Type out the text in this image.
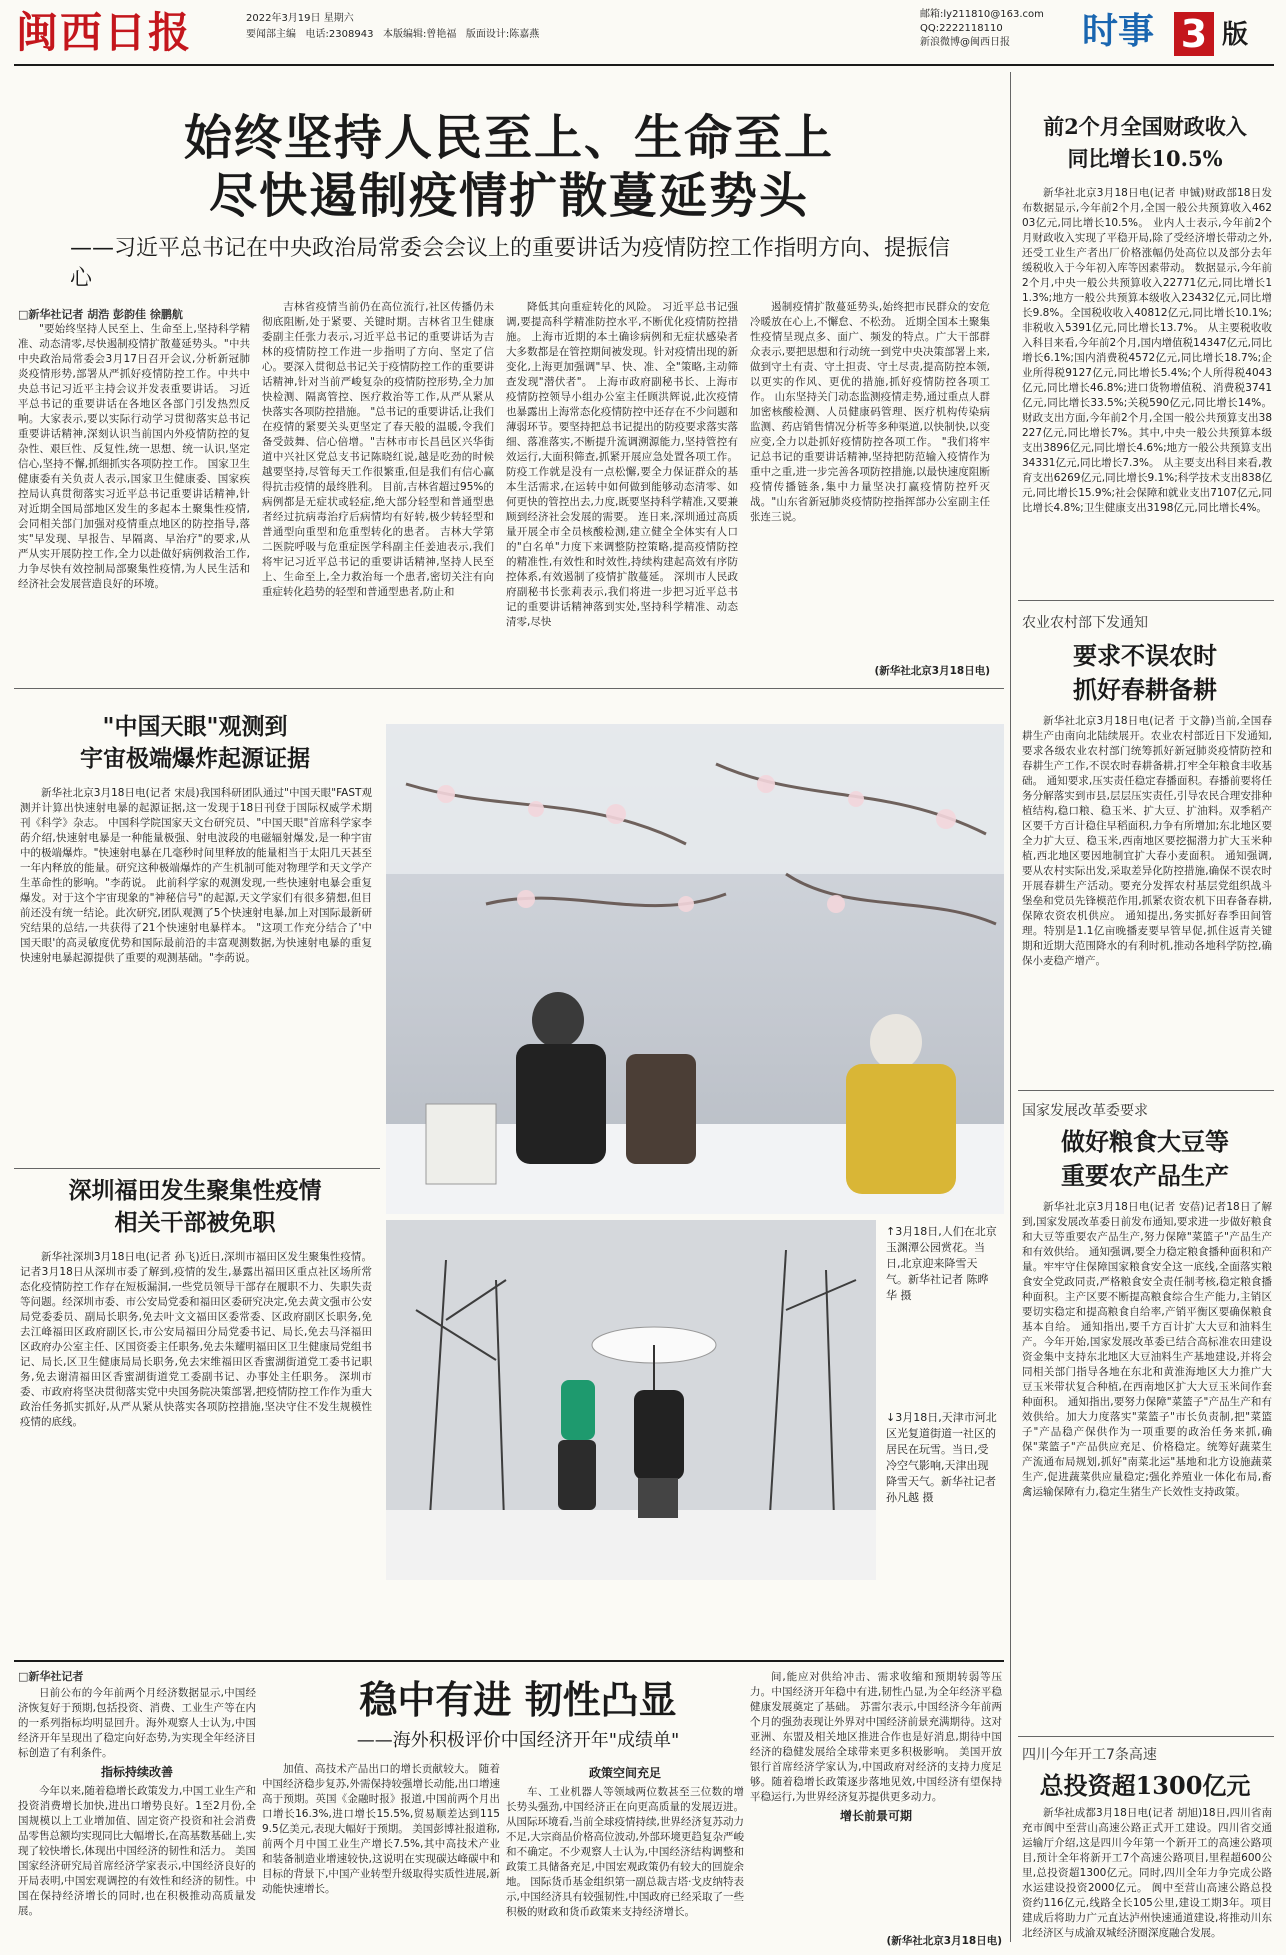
闽西日报	2022年3月19日 星期六
要闻部主编 电话:2308943 本版编辑:曾艳福 版面设计:陈嘉燕
邮箱:ly211810@163.com
QQ:2222118110
新浪微博@闽西日报	时事 3 版
始终坚持人民至上、生命至上
尽快遏制疫情扩散蔓延势头
——习近平总书记在中央政治局常委会会议上的重要讲话为疫情防控工作指明方向、提振信心
□新华社记者 胡浩 彭韵佳 徐鹏航

"要始终坚持人民至上、生命至上,坚持科学精准、动态清零,尽快遏制疫情扩散蔓延势头。"中共中央政治局常委会3月17日召开会议,分析新冠肺炎疫情形势,部署从严抓好疫情防控工作。中共中央总书记习近平主持会议并发表重要讲话。 习近平总书记的重要讲话在各地区各部门引发热烈反响。大家表示,要以实际行动学习贯彻落实总书记重要讲话精神,深刻认识当前国内外疫情防控的复杂性、艰巨性、反复性,统一思想、统一认识,坚定信心,坚持不懈,抓细抓实各项防控工作。 国家卫生健康委有关负责人表示,国家卫生健康委、国家疾控局认真贯彻落实习近平总书记重要讲话精神,针对近期全国局部地区发生的多起本土聚集性疫情,会同相关部门加强对疫情重点地区的防控指导,落实"早发现、早报告、早隔离、早治疗"的要求,从严从实开展防控工作,全力以赴做好病例救治工作,力争尽快有效控制局部聚集性疫情,为人民生活和经济社会发展营造良好的环境。

吉林省疫情当前仍在高位流行,社区传播仍未彻底阻断,处于紧要、关键时期。吉林省卫生健康委副主任张力表示,习近平总书记的重要讲话为吉林的疫情防控工作进一步指明了方向、坚定了信心。要深入贯彻总书记关于疫情防控工作的重要讲话精神,针对当前严峻复杂的疫情防控形势,全力加快检测、隔离管控、医疗救治等工作,从严从紧从快落实各项防控措施。 "总书记的重要讲话,让我们在疫情的紧要关头更坚定了春天般的温暖,令我们备受鼓舞、信心倍增。"吉林市市长昌邑区兴华街道中兴社区党总支书记陈晓红说,越是吃劲的时候越要坚持,尽管每天工作很繁重,但是我们有信心赢得抗击疫情的最终胜利。 目前,吉林省超过95%的病例都是无症状或轻症,绝大部分轻型和普通型患者经过抗病毒治疗后病情均有好转,极少转轻型和普通型向重型和危重型转化的患者。 吉林大学第二医院呼吸与危重症医学科副主任姜迪表示,我们将牢记习近平总书记的重要讲话精神,坚持人民至上、生命至上,全力救治每一个患者,密切关注有向重症转化趋势的轻型和普通型患者,防止和

降低其向重症转化的风险。 习近平总书记强调,要提高科学精准防控水平,不断优化疫情防控措施。 上海市近期的本土确诊病例和无症状感染者大多数都是在管控期间被发现。针对疫情出现的新变化,上海更加强调"早、快、准、全"策略,主动筛查发现"潜伏者"。 上海市政府副秘书长、上海市疫情防控领导小组办公室主任顾洪辉说,此次疫情也暴露出上海常态化疫情防控中还存在不少问题和薄弱环节。要坚持把总书记提出的防疫要求落实落细、落准落实,不断提升流调溯源能力,坚持管控有效运行,大面积筛查,抓紧开展应急处置各项工作。 防疫工作就是没有一点松懈,要全力保证群众的基本生活需求,在运转中如何做到能够动态清零、如何更快的管控出去,力度,既要坚持科学精准,又要兼顾到经济社会发展的需要。 连日来,深圳通过高质量开展全市全员核酸检测,建立健全全体实有人口的"白名单"力度下来调整防控策略,提高疫情防控的精准性,有效性和时效性,持续构建起高效有序防控体系,有效遏制了疫情扩散蔓延。 深圳市人民政府副秘书长张莉表示,我们将进一步把习近平总书记的重要讲话精神落到实处,坚持科学精准、动态清零,尽快

遏制疫情扩散蔓延势头,始终把市民群众的安危冷暖放在心上,不懈怠、不松劲。 近期全国本土聚集性疫情呈现点多、面广、频发的特点。广大干部群众表示,要把思想和行动统一到党中央决策部署上来,做到守土有责、守土担责、守土尽责,提高防控本领,以更实的作风、更优的措施,抓好疫情防控各项工作。 山东坚持关门动态监测疫情走势,通过重点人群加密核酸检测、人员健康码管理、医疗机构传染病监测、药店销售情况分析等多种渠道,以快制快,以变应变,全力以赴抓好疫情防控各项工作。 "我们将牢记总书记的重要讲话精神,坚持把防范输入疫情作为重中之重,进一步完善各项防控措施,以最快速度阻断疫情传播链条,集中力量坚决打赢疫情防控歼灭战。"山东省新冠肺炎疫情防控指挥部办公室副主任张连三说。

(新华社北京3月18日电)
前2个月全国财政收入
同比增长10.5%

新华社北京3月18日电(记者 申铖)财政部18日发布数据显示,今年前2个月,全国一般公共预算收入46203亿元,同比增长10.5%。 业内人士表示,今年前2个月财政收入实现了平稳开局,除了受经济增长带动之外,还受工业生产者出厂价格涨幅仍处高位以及部分去年缓税收入于今年初入库等因素带动。 数据显示,今年前2个月,中央一般公共预算收入22771亿元,同比增长11.3%;地方一般公共预算本级收入23432亿元,同比增长9.8%。全国税收收入40812亿元,同比增长10.1%;非税收入5391亿元,同比增长13.7%。 从主要税收收入科目来看,今年前2个月,国内增值税14347亿元,同比增长6.1%;国内消费税4572亿元,同比增长18.7%;企业所得税9127亿元,同比增长5.4%;个人所得税4043亿元,同比增长46.8%;进口货物增值税、消费税3741亿元,同比增长33.5%;关税590亿元,同比增长14%。 财政支出方面,今年前2个月,全国一般公共预算支出38227亿元,同比增长7%。其中,中央一般公共预算本级支出3896亿元,同比增长4.6%;地方一般公共预算支出34331亿元,同比增长7.3%。 从主要支出科目来看,教育支出6269亿元,同比增长9.1%;科学技术支出838亿元,同比增长15.9%;社会保障和就业支出7107亿元,同比增长4.8%;卫生健康支出3198亿元,同比增长4%。

农业农村部下发通知
要求不误农时
抓好春耕备耕

新华社北京3月18日电(记者 于文静)当前,全国春耕生产由南向北陆续展开。农业农村部近日下发通知,要求各级农业农村部门统筹抓好新冠肺炎疫情防控和春耕生产工作,不误农时春耕备耕,打牢全年粮食丰收基础。 通知要求,压实责任稳定春播面积。春播前要将任务分解落实到市县,层层压实责任,引导农民合理安排种植结构,稳口粮、稳玉米、扩大豆、扩油料。双季稻产区要千方百计稳住早稻面积,力争有所增加;东北地区要全力扩大豆、稳玉米,西南地区要挖掘潜力扩大玉米种植,西北地区要因地制宜扩大春小麦面积。 通知强调,要从农村实际出发,采取差异化防控措施,确保不误农时开展春耕生产活动。要充分发挥农村基层党组织战斗堡垒和党员先锋模范作用,抓紧农资农机下田春备春耕,保障农资农机供应。 通知提出,务实抓好春季田间管理。特别是1.1亿亩晚播麦要早管早促,抓住返青关键期和近期大范围降水的有利时机,推动各地科学防控,确保小麦稳产增产。

国家发展改革委要求
做好粮食大豆等
重要农产品生产

新华社北京3月18日电(记者 安蓓)记者18日了解到,国家发展改革委日前发布通知,要求进一步做好粮食和大豆等重要农产品生产,努力保障"菜篮子"产品生产和有效供给。 通知强调,要全力稳定粮食播种面积和产量。牢牢守住保障国家粮食安全这一底线,全面落实粮食安全党政同责,严格粮食安全责任制考核,稳定粮食播种面积。主产区要不断提高粮食综合生产能力,主销区要切实稳定和提高粮食自给率,产销平衡区要确保粮食基本自给。 通知指出,要千方百计扩大大豆和油料生产。今年开始,国家发展改革委已结合高标准农田建设资金集中支持东北地区大豆油料生产基地建设,并将会同相关部门指导各地在东北和黄淮海地区大力推广大豆玉米带状复合种植,在西南地区扩大大豆玉米间作套种面积。 通知指出,要努力保障"菜篮子"产品生产和有效供给。加大力度落实"菜篮子"市长负责制,把"菜篮子"产品稳产保供作为一项重要的政治任务来抓,确保"菜篮子"产品供应充足、价格稳定。统筹好蔬菜生产流通布局规划,抓好"南菜北运"基地和北方设施蔬菜生产,促进蔬菜供应量稳定;强化养殖业一体化布局,畜禽运输保障有力,稳定生猪生产长效性支持政策。

四川今年开工7条高速
总投资超1300亿元

新华社成都3月18日电(记者 胡旭)18日,四川省南充市阆中至营山高速公路正式开工建设。四川省交通运输厅介绍,这是四川今年第一个新开工的高速公路项目,预计全年将新开工7个高速公路项目,里程超600公里,总投资超1300亿元。同时,四川全年力争完成公路水运建设投资2000亿元。 阆中至营山高速公路总投资约116亿元,线路全长105公里,建设工期3年。项目建成后将助力广元直达泸州快速通道建设,将推动川东北经济区与成渝双城经济圈深度融合发展。

"中国天眼"观测到
宇宙极端爆炸起源证据

新华社北京3月18日电(记者 宋晨)我国科研团队通过"中国天眼"FAST观测并计算出快速射电暴的起源证据,这一发现于18日刊登于国际权威学术期刊《科学》杂志。 中国科学院国家天文台研究员、"中国天眼"首席科学家李菂介绍,快速射电暴是一种能量极强、射电波段的电磁辐射爆发,是一种宇宙中的极端爆炸。"快速射电暴在几毫秒时间里释放的能量相当于太阳几天甚至一年内释放的能量。研究这种极端爆炸的产生机制可能对物理学和天文学产生革命性的影响。"李菂说。 此前科学家的观测发现,一些快速射电暴会重复爆发。对于这个宇宙现象的"神秘信号"的起源,天文学家们有很多猜想,但目前还没有统一结论。此次研究,团队观测了5个快速射电暴,加上对国际最新研究结果的总结,一共获得了21个快速射电暴样本。 "这项工作充分结合了'中国天眼'的高灵敏度优势和国际最前沿的丰富观测数据,为快速射电暴的重复快速射电暴起源提供了重要的观测基础。"李菂说。

深圳福田发生聚集性疫情
相关干部被免职

新华社深圳3月18日电(记者 孙飞)近日,深圳市福田区发生聚集性疫情。记者3月18日从深圳市委了解到,疫情的发生,暴露出福田区重点社区场所常态化疫情防控工作存在短板漏洞,一些党员领导干部存在履职不力、失职失责等问题。经深圳市委、市公安局党委和福田区委研究决定,免去黄文强市公安局党委委员、副局长职务,免去叶文文福田区委常委、区政府副区长职务,免去江峰福田区政府副区长,市公安局福田分局党委书记、局长,免去马泽福田区政府办公室主任、区国资委主任职务,免去朱耀明福田区卫生健康局党组书记、局长,区卫生健康局局长职务,免去宋维福田区香蜜湖街道党工委书记职务,免去谢清福田区香蜜湖街道党工委副书记、办事处主任职务。 深圳市委、市政府将坚决贯彻落实党中央国务院决策部署,把疫情防控工作作为重大政治任务抓实抓好,从严从紧从快落实各项防控措施,坚决守住不发生规模性疫情的底线。

↑3月18日,人们在北京玉渊潭公园赏花。当日,北京迎来降雪天气。新华社记者 陈晔华 摄
↓3月18日,天津市河北区光复道街道一社区的居民在玩雪。当日,受冷空气影响,天津出现降雪天气。新华社记者 孙凡越 摄
□新华社记者
稳中有进 韧性凸显
——海外积极评价中国经济开年"成绩单"

日前公布的今年前两个月经济数据显示,中国经济恢复好于预期,包括投资、消费、工业生产等在内的一系列指标均明显回升。海外观察人士认为,中国经济开年呈现出了稳定向好态势,为实现全年经济目标创造了有利条件。

指标持续改善

今年以来,随着稳增长政策发力,中国工业生产和投资消费增长加快,进出口增势良好。1至2月份,全国规模以上工业增加值、固定资产投资和社会消费品零售总额均实现同比大幅增长,在高基数基础上,实现了较快增长,体现出中国经济的韧性和活力。 美国国家经济研究局首席经济学家表示,中国经济良好的开局表明,中国宏观调控的有效性和经济的韧性。中国在保持经济增长的同时,也在积极推动高质量发展。

加值、高技术产品出口的增长贡献较大。 随着中国经济稳步复苏,外需保持较强增长动能,出口增速高于预期。英国《金融时报》报道,中国前两个月出口增长16.3%,进口增长15.5%,贸易顺差达到1159.5亿美元,表现大幅好于预期。 美国彭博社报道称,前两个月中国工业生产增长7.5%,其中高技术产业和装备制造业增速较快,这说明在实现碳达峰碳中和目标的背景下,中国产业转型升级取得实质性进展,新动能快速增长。

政策空间充足

车、工业机器人等领域两位数甚至三位数的增长势头强劲,中国经济正在向更高质量的发展迈进。 从国际环境看,当前全球疫情持续,世界经济复苏动力不足,大宗商品价格高位波动,外部环境更趋复杂严峻和不确定。不少观察人士认为,中国经济结构调整和政策工具储备充足,中国宏观政策仍有较大的回旋余地。 国际货币基金组织第一副总裁吉塔·戈皮纳特表示,中国经济具有较强韧性,中国政府已经采取了一些积极的财政和货币政策来支持经济增长。

间,能应对供给冲击、需求收缩和预期转弱等压力。中国经济开年稳中有进,韧性凸显,为全年经济平稳健康发展奠定了基础。 苏雷尔表示,中国经济今年前两个月的强劲表现让外界对中国经济前景充满期待。这对亚洲、东盟及相关地区推进合作也是好消息,期待中国经济的稳健发展给全球带来更多积极影响。 美国开放银行首席经济学家认为,中国政府对经济的支持力度足够。随着稳增长政策逐步落地见效,中国经济有望保持平稳运行,为世界经济复苏提供更多动力。

增长前景可期
(新华社北京3月18日电)
